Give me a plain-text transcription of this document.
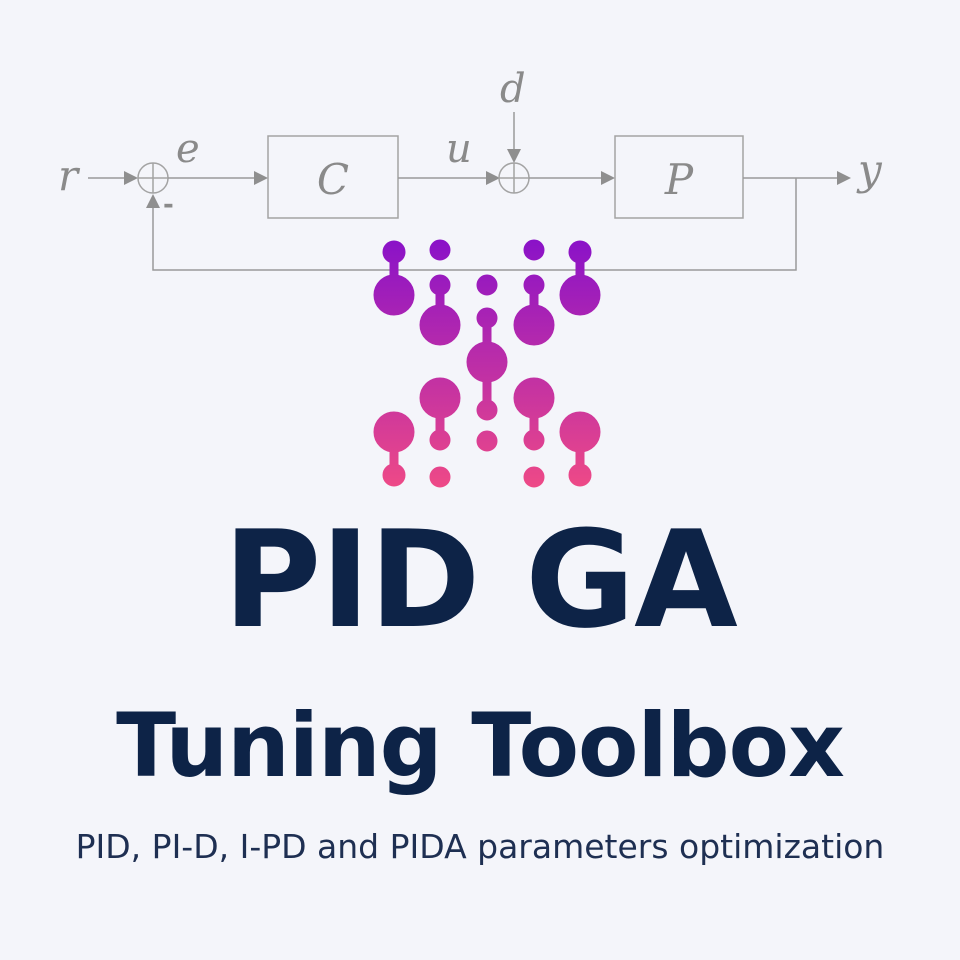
r
e	u
d
y
-
C	P
PID GA
Tuning Toolbox

PID, PI-D, I-PD and PIDA parameters optimization
